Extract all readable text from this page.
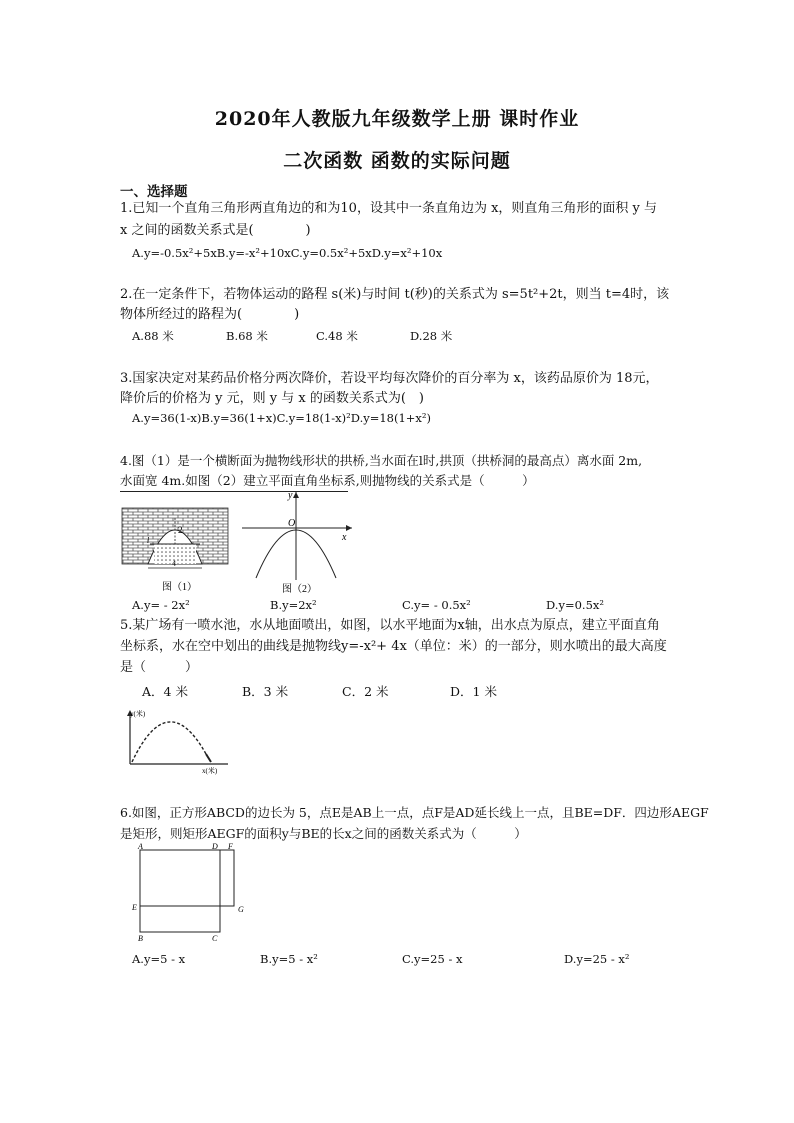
2020年人教版九年级数学上册 课时作业
二次函数 函数的实际问题
一、选择题
1.已知一个直角三角形两直角边的和为10，设其中一条直角边为 x，则直角三角形的面积 y 与
x 之间的函数关系式是(　　　　)
A.y=-0.5x²+5xB.y=-x²+10xC.y=0.5x²+5xD.y=x²+10x
2.在一定条件下，若物体运动的路程 s(米)与时间 t(秒)的关系式为 s=5t²+2t，则当 t=4时，该
物体所经过的路程为(　　　　)
A.88 米	B.68 米	C.48 米	D.28 米
3.国家决定对某药品价格分两次降价，若设平均每次降价的百分率为 x，该药品原价为 18元，
降价后的价格为 y 元，则 y 与 x 的函数关系式为(　)
A.y=36(1-x)B.y=36(1+x)C.y=18(1-x)²D.y=18(1+x²)
4.图（1）是一个横断面为抛物线形状的拱桥,当水面在l时,拱顶（拱桥洞的最高点）离水面 2m,
水面宽 4m.如图（2）建立平面直角坐标系,则抛物线的关系式是（　　　）
2
l
4
图（1）
x
y
O
图（2）
A.y= - 2x²	B.y=2x²	C.y= - 0.5x²	D.y=0.5x²
5.某广场有一喷水池，水从地面喷出，如图，以水平地面为x轴，出水点为原点，建立平面直角
坐标系，水在空中划出的曲线是抛物线y=-x²+ 4x（单位：米）的一部分，则水喷出的最大高度
是（　　　）
A．4 米	B．3 米	C．2 米	D．1 米
y(米)
x(米)
6.如图，正方形ABCD的边长为 5，点E是AB上一点，点F是AD延长线上一点，且BE=DF．四边形AEGF
是矩形，则矩形AEGF的面积y与BE的长x之间的函数关系式为（　　　）
A	D F
E	G
B	C
A.y=5 - x	B.y=5 - x²	C.y=25 - x	D.y=25 - x²
